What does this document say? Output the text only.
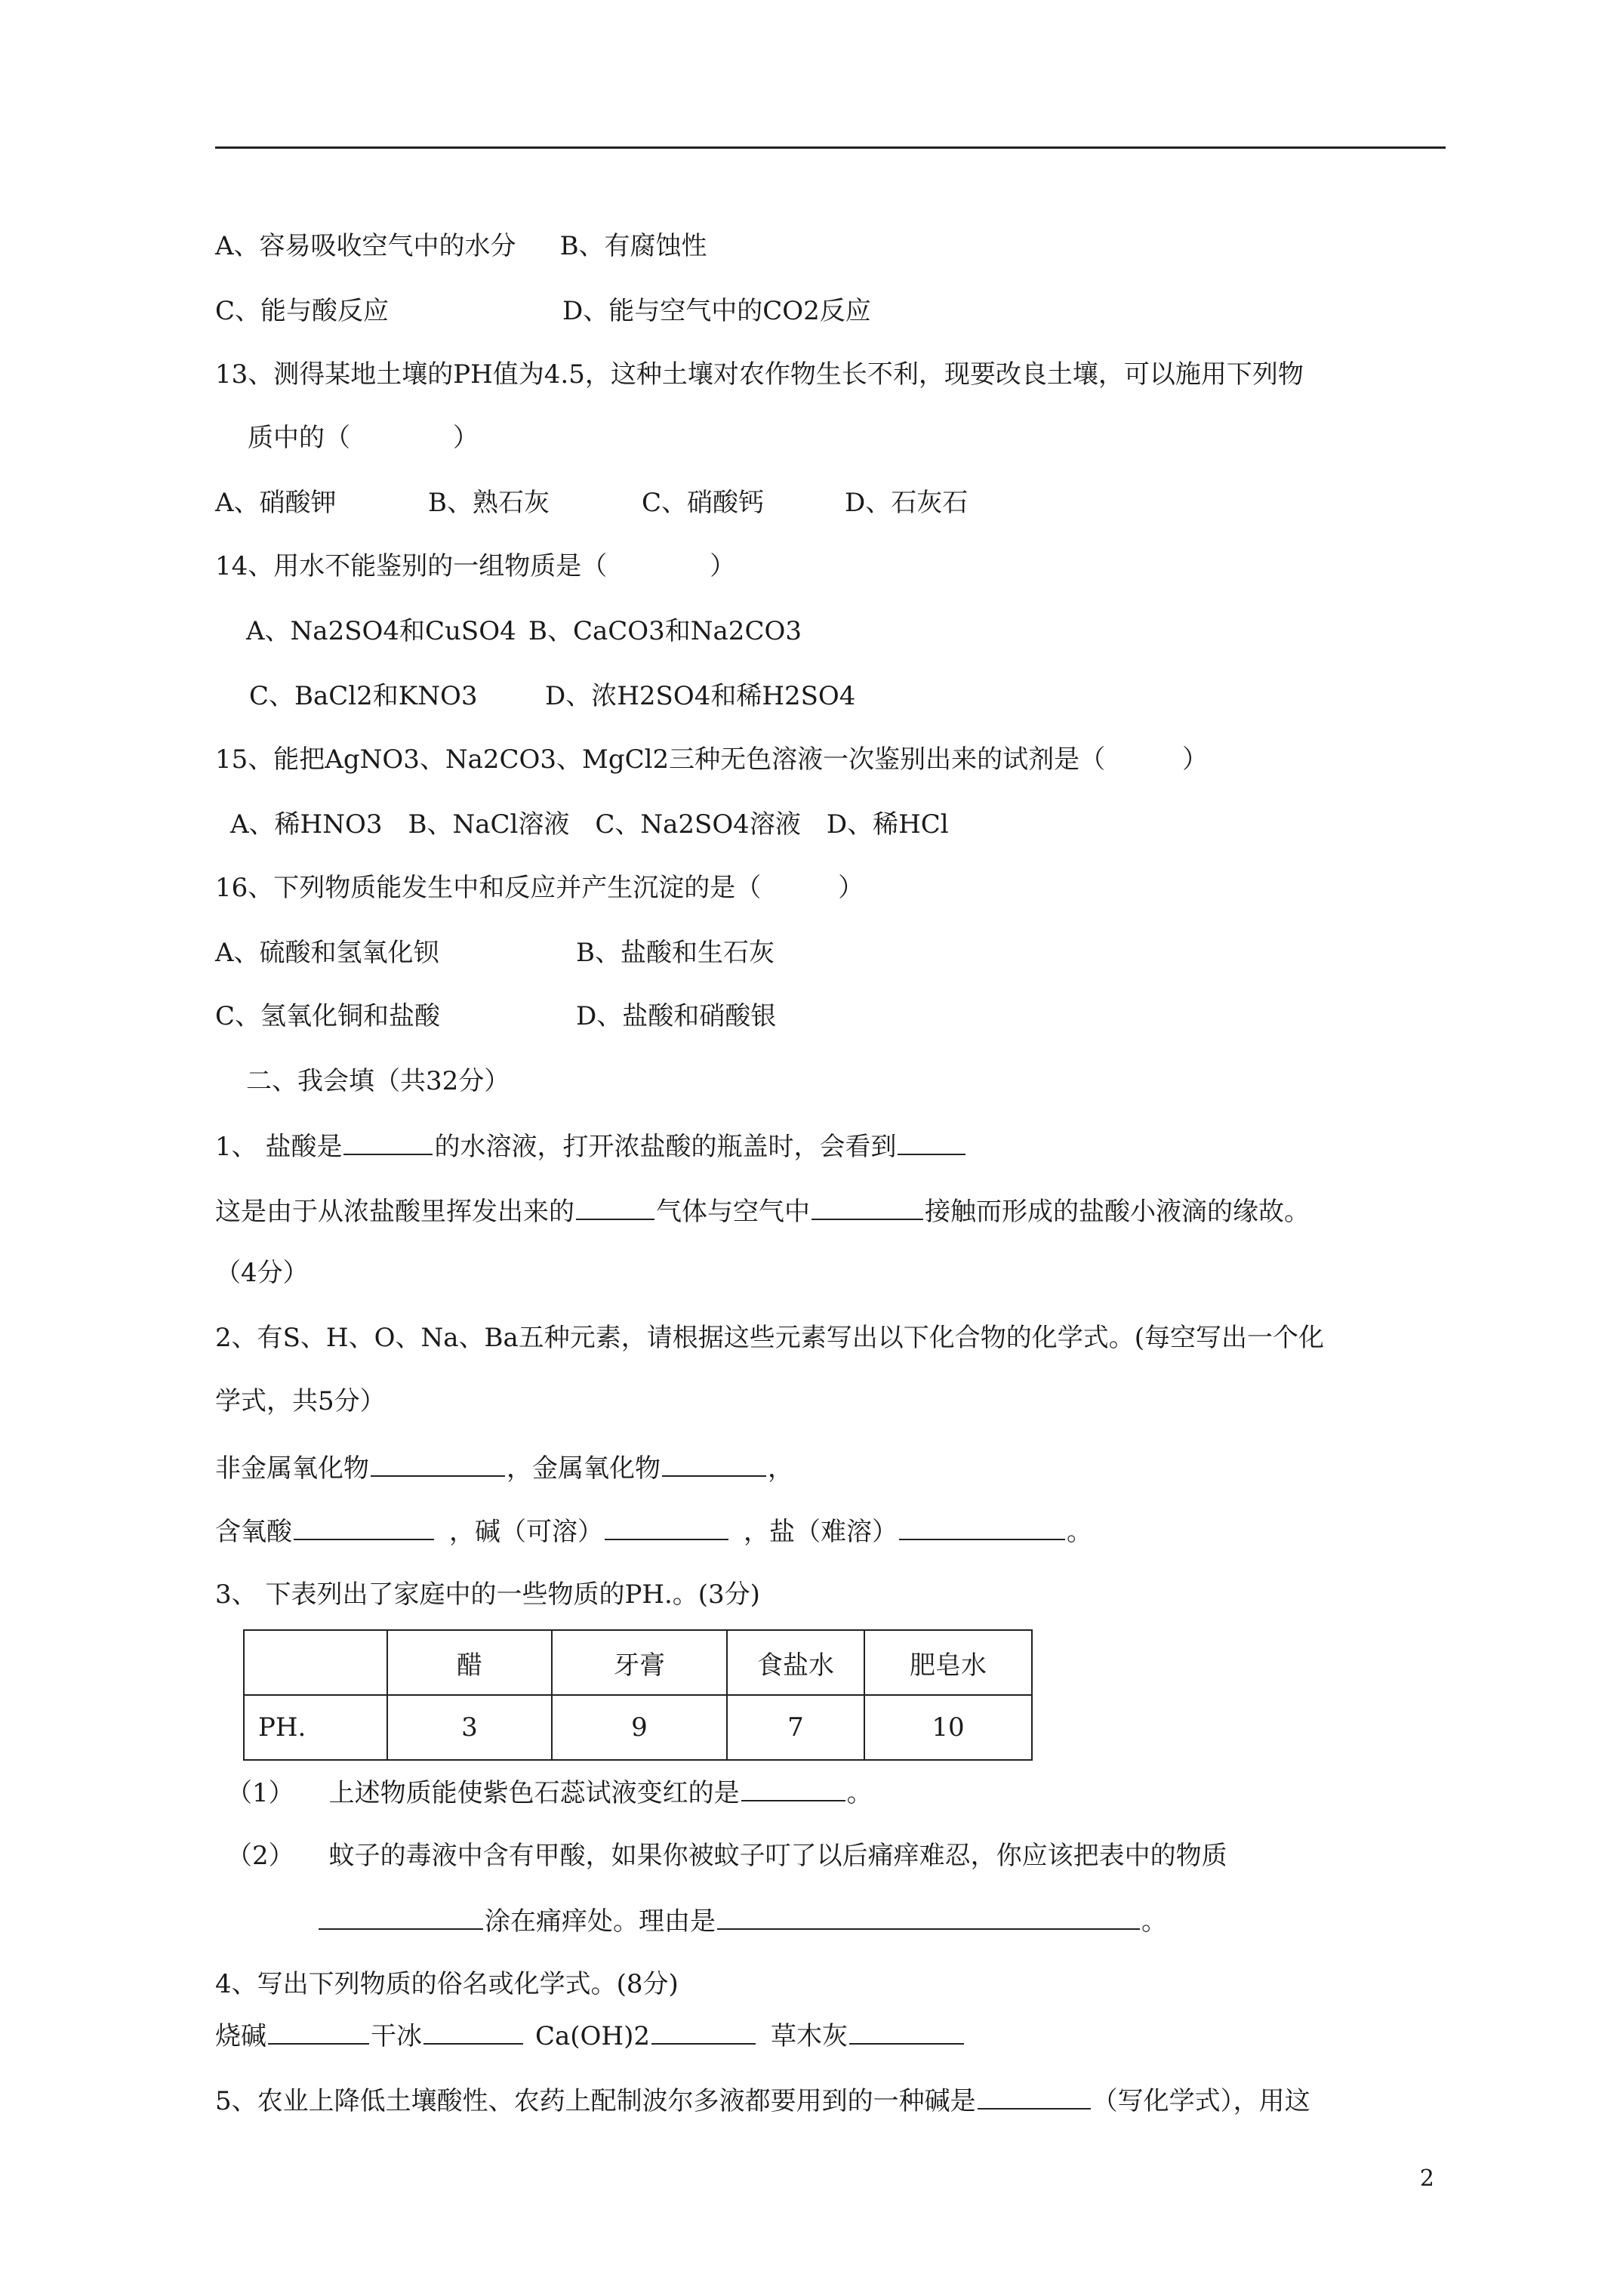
A、容易吸收空气中的水分 B、有腐蚀性
C、能与酸反应	D、能与空气中的CO2反应
13、测得某地土壤的PH值为4.5，这种土壤对农作物生长不利，现要改良土壤，可以施用下列物
质中的（　　　　）
A、硝酸钾	B、熟石灰	C、硝酸钙	D、石灰石
14、用水不能鉴别的一组物质是（　　　　）
A、Na2SO4和CuSO4 B、CaCO3和Na2CO3
C、BaCl2和KNO3	D、浓H2SO4和稀H2SO4
15、能把AgNO3、Na2CO3、MgCl2三种无色溶液一次鉴别出来的试剂是（　　　）
A、稀HNO3　B、NaCl溶液　C、Na2SO4溶液　D、稀HCl
16、下列物质能发生中和反应并产生沉淀的是（　　　）
A、硫酸和氢氧化钡	B、盐酸和生石灰
C、氢氧化铜和盐酸	D、盐酸和硝酸银
二、我会填（共32分）
1、 盐酸是	的水溶液，打开浓盐酸的瓶盖时，会看到
这是由于从浓盐酸里挥发出来的	气体与空气中	接触而形成的盐酸小液滴的缘故。
（4分）
2、有S、H、O、Na、Ba五种元素，请根据这些元素写出以下化合物的化学式。(每空写出一个化
学式，共5分）
非金属氧化物	，金属氧化物	，
含氧酸	，碱（可溶）	，盐（难溶）	。
3、 下表列出了家庭中的一些物质的PH.。(3分)
	醋	牙膏	食盐水	肥皂水
PH.	3	9	7	10
（1） 上述物质能使紫色石蕊试液变红的是	。
（2） 蚊子的毒液中含有甲酸，如果你被蚊子叮了以后痛痒难忍，你应该把表中的物质
涂在痛痒处。理由是	。
4、写出下列物质的俗名或化学式。(8分)
烧碱	干冰	Ca(OH)2	草木灰
5、农业上降低土壤酸性、农药上配制波尔多液都要用到的一种碱是	（写化学式），用这
2
